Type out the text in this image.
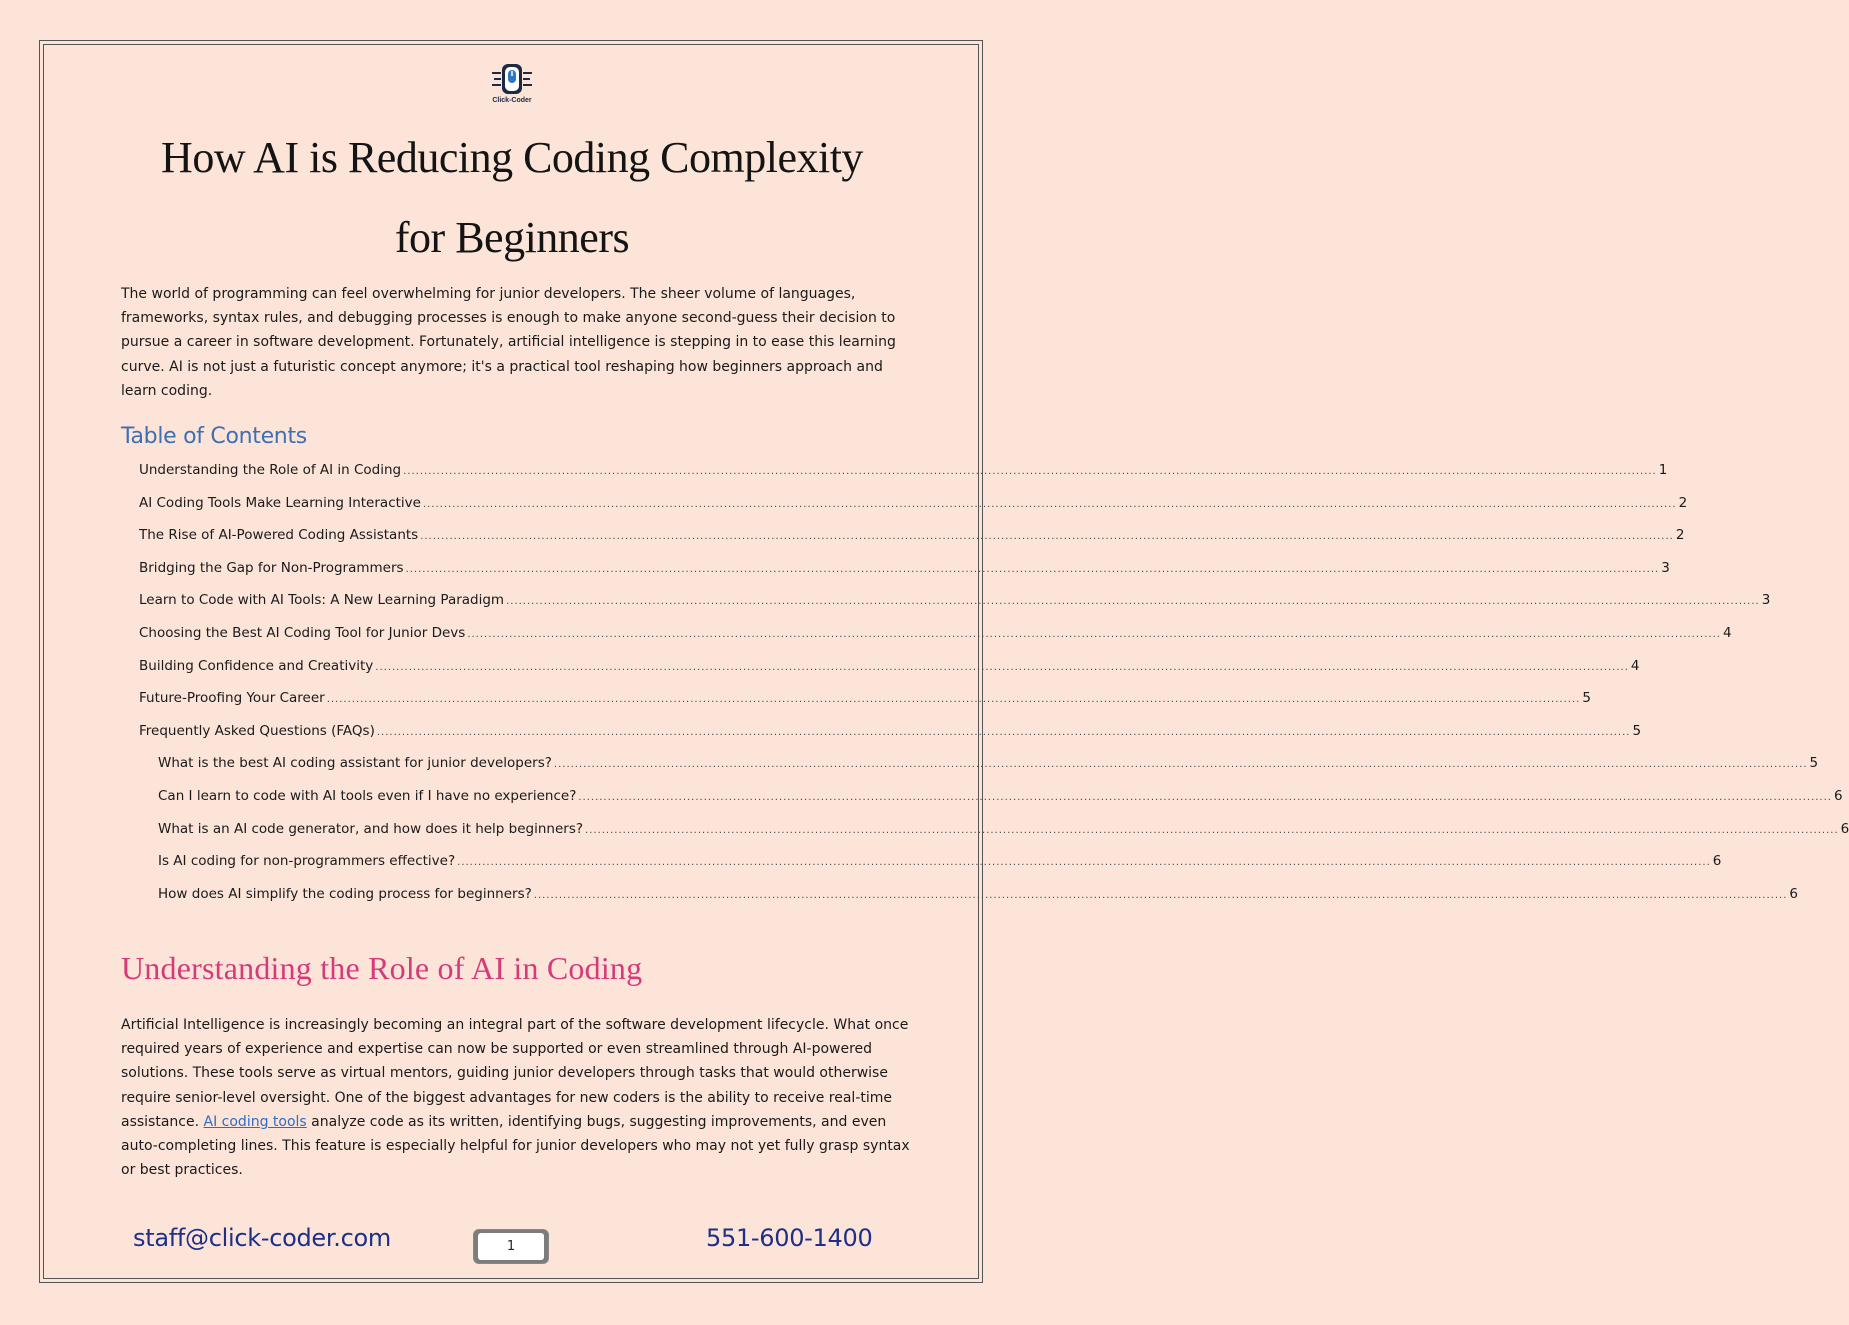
Click-Coder
How AI is Reducing Coding Complexity
for Beginners

The world of programming can feel overwhelming for junior developers. The sheer volume of languages, frameworks, syntax rules, and debugging processes is enough to make anyone second-guess their decision to pursue a career in software development. Fortunately, artificial intelligence is stepping in to ease this learning curve. AI is not just a futuristic concept anymore; it's a practical tool reshaping how beginners approach and learn coding.

Table of Contents
Understanding the Role of AI in Coding ............................................................................................................................................................................................................................................................................................................ 1
AI Coding Tools Make Learning Interactive ............................................................................................................................................................................................................................................................................................................ 2
The Rise of AI-Powered Coding Assistants ............................................................................................................................................................................................................................................................................................................ 2
Bridging the Gap for Non-Programmers ............................................................................................................................................................................................................................................................................................................ 3
Learn to Code with AI Tools: A New Learning Paradigm ............................................................................................................................................................................................................................................................................................................ 3
Choosing the Best AI Coding Tool for Junior Devs ............................................................................................................................................................................................................................................................................................................ 4
Building Confidence and Creativity ............................................................................................................................................................................................................................................................................................................ 4
Future-Proofing Your Career ............................................................................................................................................................................................................................................................................................................ 5
Frequently Asked Questions (FAQs) ............................................................................................................................................................................................................................................................................................................ 5
What is the best AI coding assistant for junior developers? ............................................................................................................................................................................................................................................................................................................ 5
Can I learn to code with AI tools even if I have no experience? ............................................................................................................................................................................................................................................................................................................ 6
What is an AI code generator, and how does it help beginners? ............................................................................................................................................................................................................................................................................................................ 6
Is AI coding for non-programmers effective? ............................................................................................................................................................................................................................................................................................................ 6
How does AI simplify the coding process for beginners? ............................................................................................................................................................................................................................................................................................................ 6
Understanding the Role of AI in Coding

Artificial Intelligence is increasingly becoming an integral part of the software development lifecycle. What once required years of experience and expertise can now be supported or even streamlined through AI-powered solutions. These tools serve as virtual mentors, guiding junior developers through tasks that would otherwise require senior-level oversight. One of the biggest advantages for new coders is the ability to receive real-time assistance. AI coding tools analyze code as its written, identifying bugs, suggesting improvements, and even auto-completing lines. This feature is especially helpful for junior developers who may not yet fully grasp syntax or best practices.

staff@click-coder.com	1	551-600-1400
